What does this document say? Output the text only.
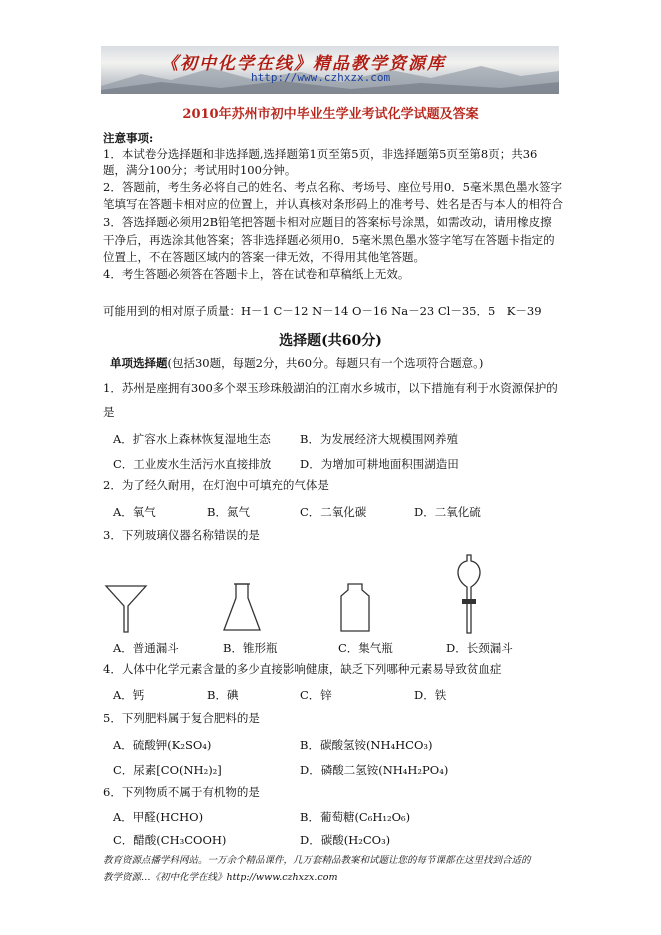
《初中化学在线》精品教学资源库
http://www.czhxzx.com
2010年苏州市初中毕业生学业考试化学试题及答案
注意事项:
1．本试卷分选择题和非选择题,选择题第1页至第5页，非选择题第5页至第8页；共36
题，满分100分；考试用时100分钟。
2．答题前，考生务必将自己的姓名、考点名称、考场号、座位号用0．5毫米黑色墨水签字
笔填写在答题卡相对应的位置上，并认真核对条形码上的准考号、姓名是否与本人的相符合
3．答选择题必须用2B铅笔把答题卡相对应题目的答案标号涂黑，如需改动，请用橡皮擦
干净后，再选涂其他答案；答非选择题必须用0．5毫米黑色墨水签字笔写在答题卡指定的
位置上，不在答题区域内的答案一律无效，不得用其他笔答题。
4．考生答题必须答在答题卡上，答在试卷和草稿纸上无效。
可能用到的相对原子质量：H－1 C－12 N－14 O－16 Na－23 Cl－35．5　K－39
选择题(共60分)
单项选择题(包括30题，每题2分，共60分。每题只有一个选项符合题意。)
1．苏州是座拥有300多个翠玉珍珠般湖泊的江南水乡城市，以下措施有利于水资源保护的
是
A．扩容水上森林恢复湿地生态	B．为发展经济大规模围网养殖
C．工业废水生活污水直接排放 D．为增加可耕地面积围湖造田
2．为了经久耐用，在灯泡中可填充的气体是
A．氧气	B．氮气	C．二氧化碳	D．二氧化硫
3．下列玻璃仪器名称错误的是
A．普通漏斗	B．锥形瓶	C．集气瓶	D．长颈漏斗
4．人体中化学元素含量的多少直接影响健康，缺乏下列哪种元素易导致贫血症
A．钙	B．碘	C．锌	D．铁
5．下列肥料属于复合肥料的是
A．硫酸钾(K₂SO₄)	B．碳酸氢铵(NH₄HCO₃)
C．尿素[CO(NH₂)₂]	D．磷酸二氢铵(NH₄H₂PO₄)
6．下列物质不属于有机物的是
A．甲醛(HCHO)	B．葡萄糖(C₆H₁₂O₆)
C．醋酸(CH₃COOH)	D．碳酸(H₂CO₃)
教育资源点播学科网站。一万余个精品课件，几万套精品教案和试题让您的每节课都在这里找到合适的
教学资源…《初中化学在线》http://www.czhxzx.com
